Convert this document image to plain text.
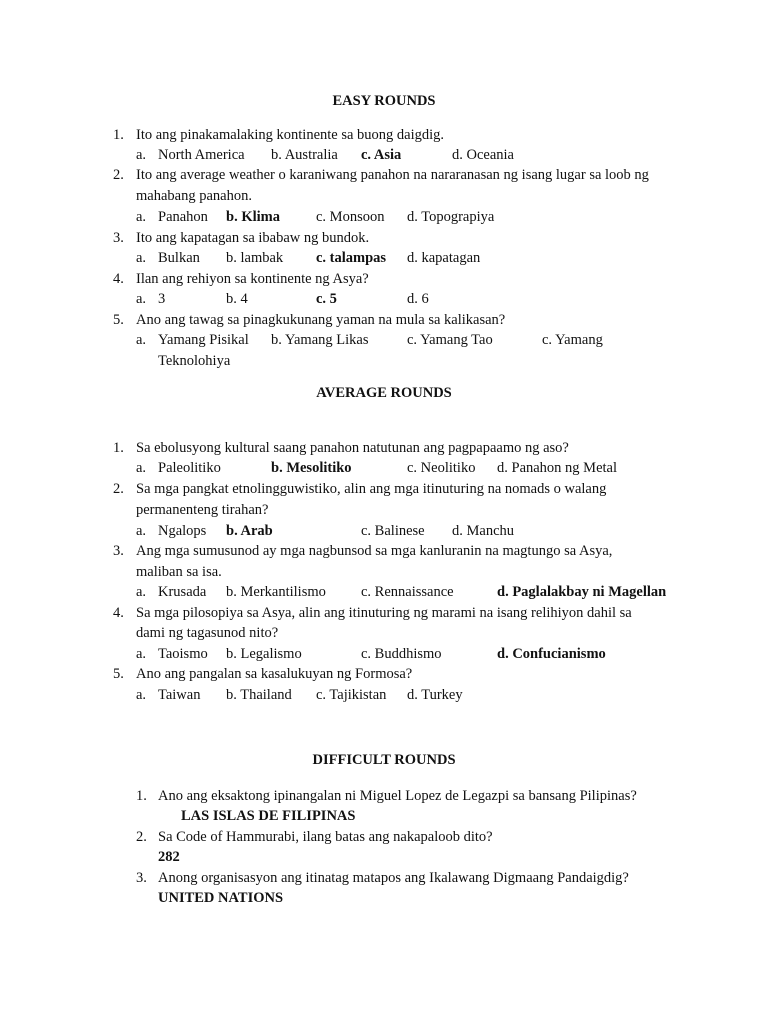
EASY ROUNDS
1. Ito ang pinakamalaking kontinente sa buong daigdig.
a. North America b. Australia c. Asia	d. Oceania
2. Ito ang average weather o karaniwang panahon na nararanasan ng isang lugar sa loob ng
mahabang panahon.
a. Panahon b. Klima c. Monsoon d. Topograpiya
3. Ito ang kapatagan sa ibabaw ng bundok.
a. Bulkan b. lambak c. talampas d. kapatagan
4. Ilan ang rehiyon sa kontinente ng Asya?
a. 3	b. 4	c. 5	d. 6
5. Ano ang tawag sa pinagkukunang yaman na mula sa kalikasan?
a. Yamang Pisikal b. Yamang Likas	c. Yamang Tao	c. Yamang
Teknolohiya
AVERAGE ROUNDS
1. Sa ebolusyong kultural saang panahon natutunan ang pagpapaamo ng aso?
a. Paleolitiko	b. Mesolitiko	c. Neolitiko d. Panahon ng Metal
2. Sa mga pangkat etnolingguwistiko, alin ang mga itinuturing na nomads o walang
permanenteng tirahan?
a. Ngalops b. Arab	c. Balinese d. Manchu
3. Ang mga sumusunod ay mga nagbunsod sa mga kanluranin na magtungo sa Asya,
maliban sa isa.
a. Krusada b. Merkantilismo c. Rennaissance	d. Paglalakbay ni Magellan
4. Sa mga pilosopiya sa Asya, alin ang itinuturing ng marami na isang relihiyon dahil sa
dami ng tagasunod nito?
a. Taoismo b. Legalismo	c. Buddhismo	d. Confucianismo
5. Ano ang pangalan sa kasalukuyan ng Formosa?
a. Taiwan b. Thailand c. Tajikistan d. Turkey
DIFFICULT ROUNDS
1. Ano ang eksaktong ipinangalan ni Miguel Lopez de Legazpi sa bansang Pilipinas?
LAS ISLAS DE FILIPINAS
2. Sa Code of Hammurabi, ilang batas ang nakapaloob dito?
282
3. Anong organisasyon ang itinatag matapos ang Ikalawang Digmaang Pandaigdig?
UNITED NATIONS
